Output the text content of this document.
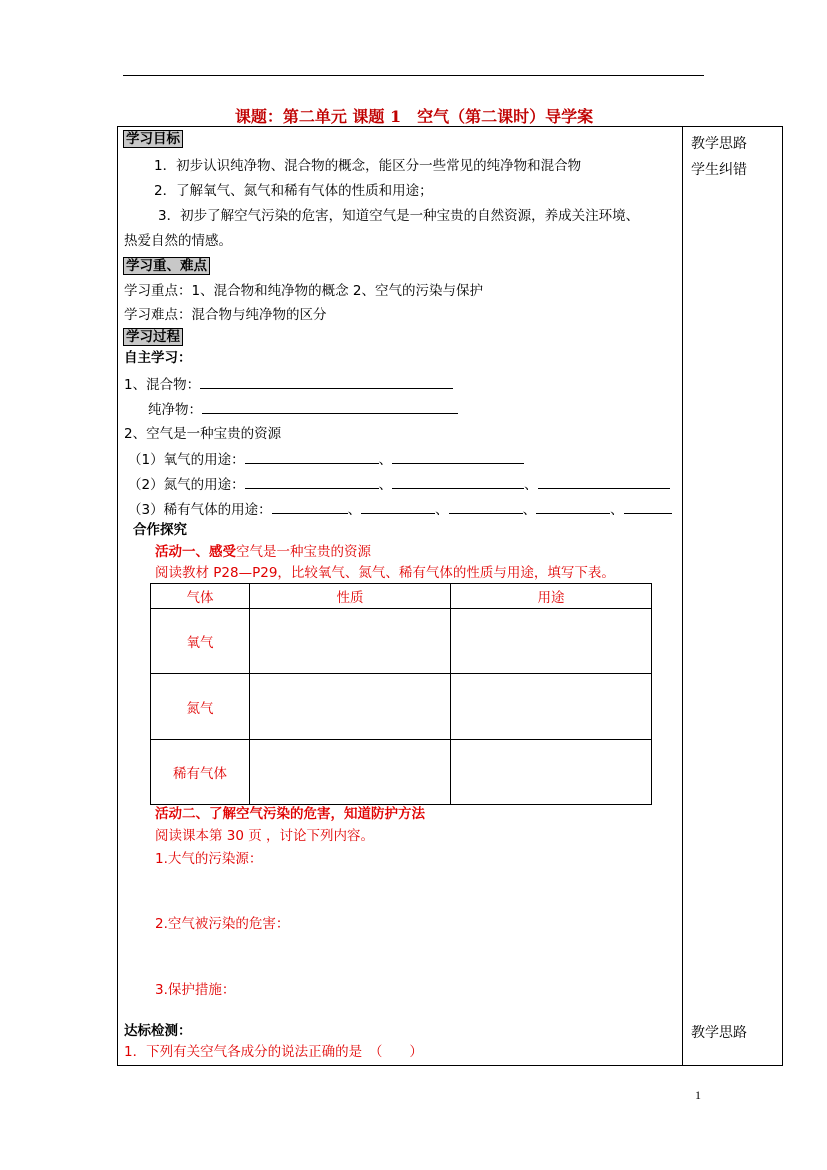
课题：第二单元 课题 1　空气（第二课时）导学案
教学思路
学生纠错
教学思路
学习目标
1．初步认识纯净物、混合物的概念，能区分一些常见的纯净物和混合物
2．了解氧气、氮气和稀有气体的性质和用途；
3．初步了解空气污染的危害，知道空气是一种宝贵的自然资源，养成关注环境、
热爱自然的情感。
学习重、难点
学习重点：1、混合物和纯净物的概念 2、空气的污染与保护
学习难点：混合物与纯净物的区分
学习过程
自主学习：
1、混合物：
纯净物：
2、空气是一种宝贵的资源
（1）氧气的用途：	、
（2）氮气的用途：	、	、
（3）稀有气体的用途：	、	、	、	、
合作探究
活动一、感受空气是一种宝贵的资源
阅读教材 P28—P29，比较氧气、氮气、稀有气体的性质与用途，填写下表。
气体	性质	用途
氧气		
氮气		
稀有气体		
活动二、了解空气污染的危害，知道防护方法
阅读课本第 30 页 ，讨论下列内容。
1.大气的污染源：
2.空气被污染的危害：
3.保护措施：
达标检测：
1．下列有关空气各成分的说法正确的是　（　　）
1
